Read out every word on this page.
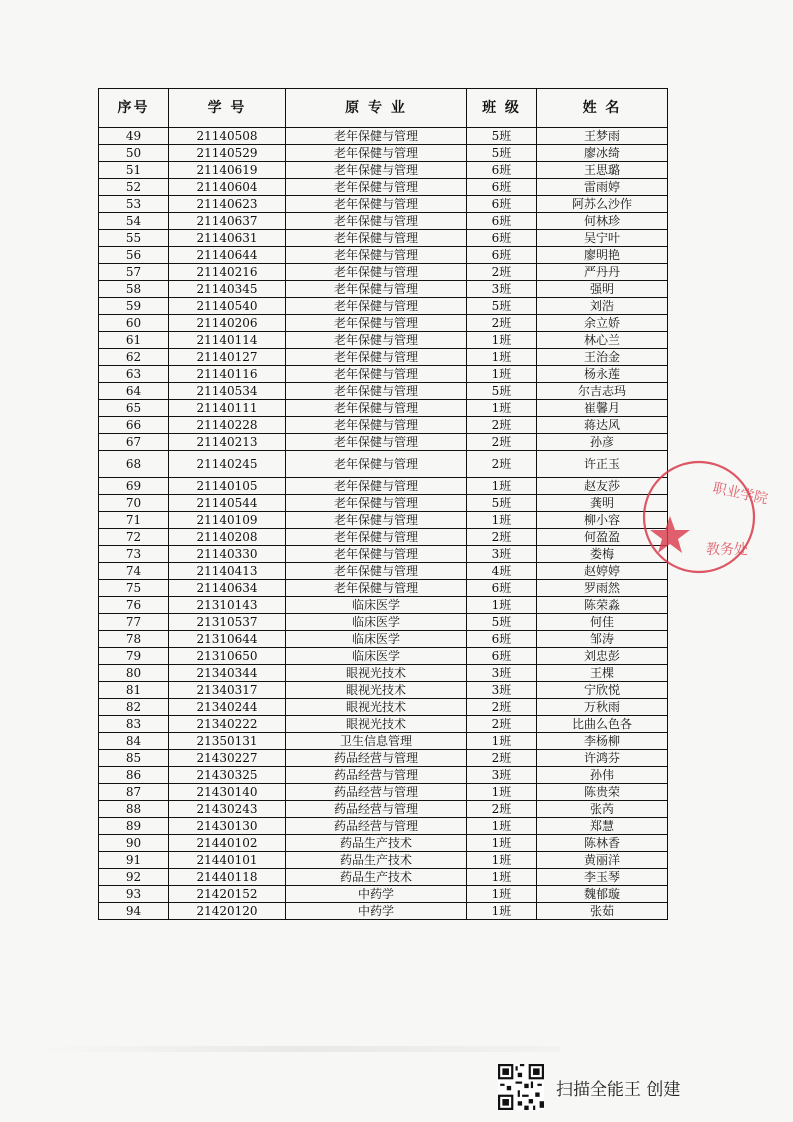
序号	学 号	原 专 业	班 级	姓 名
49	21140508	老年保健与管理	5班	王梦雨
50	21140529	老年保健与管理	5班	廖冰绮
51	21140619	老年保健与管理	6班	王思璐
52	21140604	老年保健与管理	6班	雷雨婷
53	21140623	老年保健与管理	6班	阿苏么沙作
54	21140637	老年保健与管理	6班	何林珍
55	21140631	老年保健与管理	6班	吴宁叶
56	21140644	老年保健与管理	6班	廖明艳
57	21140216	老年保健与管理	2班	严丹丹
58	21140345	老年保健与管理	3班	强明
59	21140540	老年保健与管理	5班	刘浩
60	21140206	老年保健与管理	2班	余立娇
61	21140114	老年保健与管理	1班	林心兰
62	21140127	老年保健与管理	1班	王治金
63	21140116	老年保健与管理	1班	杨永莲
64	21140534	老年保健与管理	5班	尔吉志玛
65	21140111	老年保健与管理	1班	崔馨月
66	21140228	老年保健与管理	2班	蒋达风
67	21140213	老年保健与管理	2班	孙彦
68	21140245	老年保健与管理	2班	许正玉
69	21140105	老年保健与管理	1班	赵友莎
70	21140544	老年保健与管理	5班	龚明
71	21140109	老年保健与管理	1班	柳小容
72	21140208	老年保健与管理	2班	何盈盈
73	21140330	老年保健与管理	3班	娄梅
74	21140413	老年保健与管理	4班	赵婷婷
75	21140634	老年保健与管理	6班	罗雨然
76	21310143	临床医学	1班	陈荣淼
77	21310537	临床医学	5班	何佳
78	21310644	临床医学	6班	邹涛
79	21310650	临床医学	6班	刘忠彭
80	21340344	眼视光技术	3班	王棵
81	21340317	眼视光技术	3班	宁欣悦
82	21340244	眼视光技术	2班	万秋雨
83	21340222	眼视光技术	2班	比曲么色各
84	21350131	卫生信息管理	1班	李杨柳
85	21430227	药品经营与管理	2班	许鸿芬
86	21430325	药品经营与管理	3班	孙伟
87	21430140	药品经营与管理	1班	陈贵荣
88	21430243	药品经营与管理	2班	张芮
89	21430130	药品经营与管理	1班	郑慧
90	21440102	药品生产技术	1班	陈林香
91	21440101	药品生产技术	1班	黄丽洋
92	21440118	药品生产技术	1班	李玉琴
93	21420152	中药学	1班	魏郁璇
94	21420120	中药学	1班	张茹
职业学院
教务处
扫描全能王 创建
